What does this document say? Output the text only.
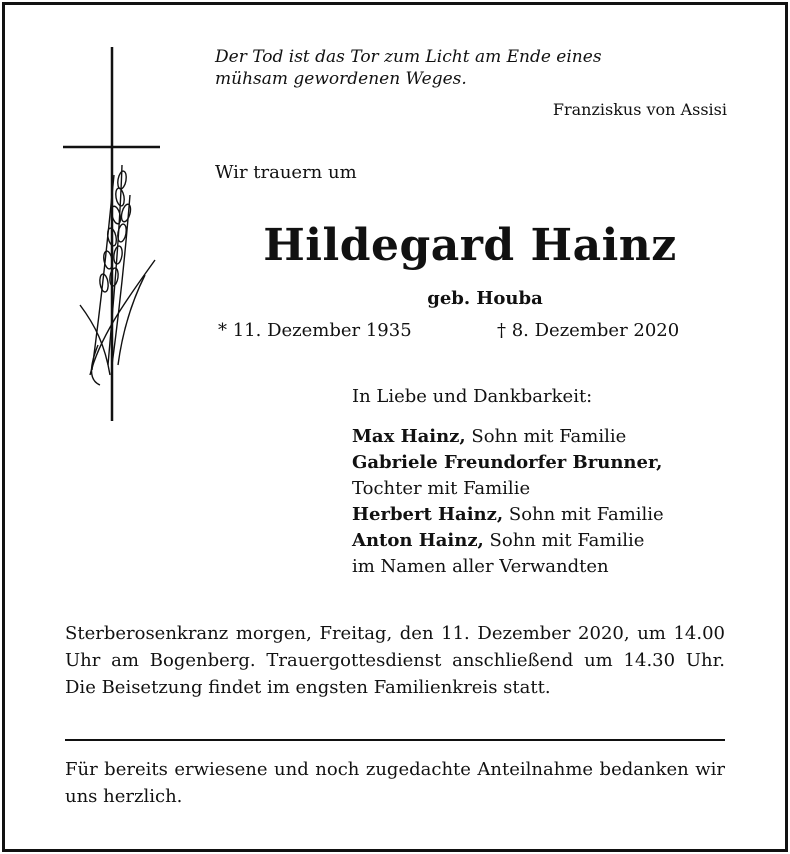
Der Tod ist das Tor zum Licht am Ende eines
mühsam gewordenen Weges.
Franziskus von Assisi
Wir trauern um
Hildegard Hainz
geb. Houba
* 11. Dezember 1935	† 8. Dezember 2020
In Liebe und Dankbarkeit:
Max Hainz, Sohn mit Familie
Gabriele Freundorfer Brunner,
Tochter mit Familie
Herbert Hainz, Sohn mit Familie
Anton Hainz, Sohn mit Familie
im Namen aller Verwandten
Sterberosenkranz morgen, Freitag, den 11. Dezember 2020, um 14.00 Uhr am Bogenberg. Trauergottesdienst anschließend um 14.30 Uhr. Die Beisetzung findet im engsten Familienkreis statt.
Für bereits erwiesene und noch zugedachte Anteilnahme bedanken wir uns herzlich.
